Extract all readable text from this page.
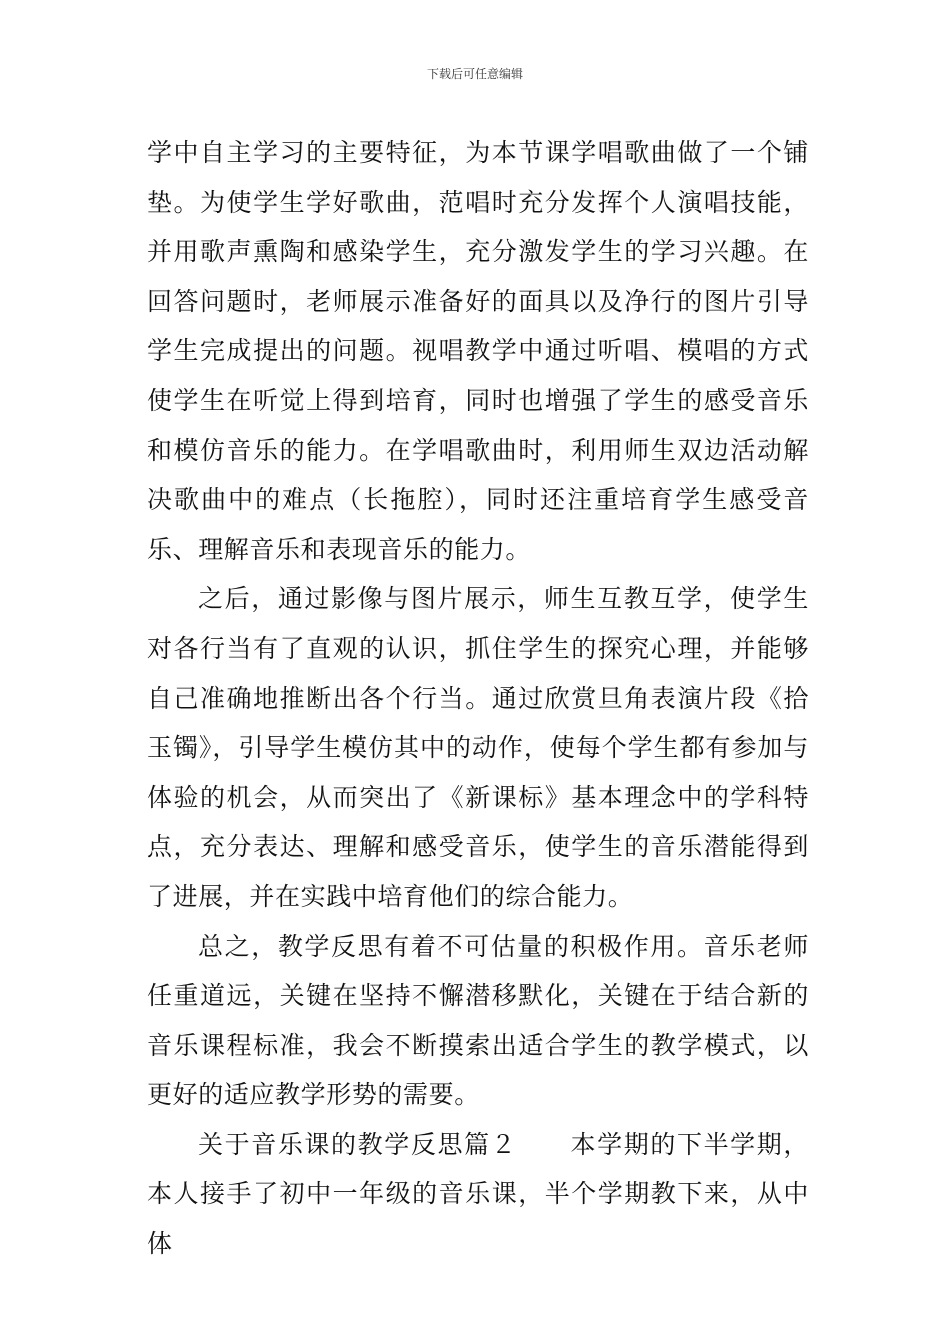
下载后可任意编辑

学中自主学习的主要特征，为本节课学唱歌曲做了一个铺垫。为使学生学好歌曲，范唱时充分发挥个人演唱技能，并用歌声熏陶和感染学生，充分激发学生的学习兴趣。在回答问题时，老师展示准备好的面具以及净行的图片引导学生完成提出的问题。视唱教学中通过听唱、模唱的方式使学生在听觉上得到培育，同时也增强了学生的感受音乐和模仿音乐的能力。在学唱歌曲时，利用师生双边活动解决歌曲中的难点（长拖腔），同时还注重培育学生感受音乐、理解音乐和表现音乐的能力。

之后，通过影像与图片展示，师生互教互学，使学生对各行当有了直观的认识，抓住学生的探究心理，并能够自己准确地推断出各个行当。通过欣赏旦角表演片段《拾玉镯》，引导学生模仿其中的动作，使每个学生都有参加与体验的机会，从而突出了《新课标》基本理念中的学科特点，充分表达、理解和感受音乐，使学生的音乐潜能得到了进展，并在实践中培育他们的综合能力。

总之，教学反思有着不可估量的积极作用。音乐老师任重道远，关键在坚持不懈潜移默化，关键在于结合新的音乐课程标准，我会不断摸索出适合学生的教学模式，以更好的适应教学形势的需要。

关于音乐课的教学反思篇２　　本学期的下半学期，本人接手了初中一年级的音乐课，半个学期教下来，从中体
